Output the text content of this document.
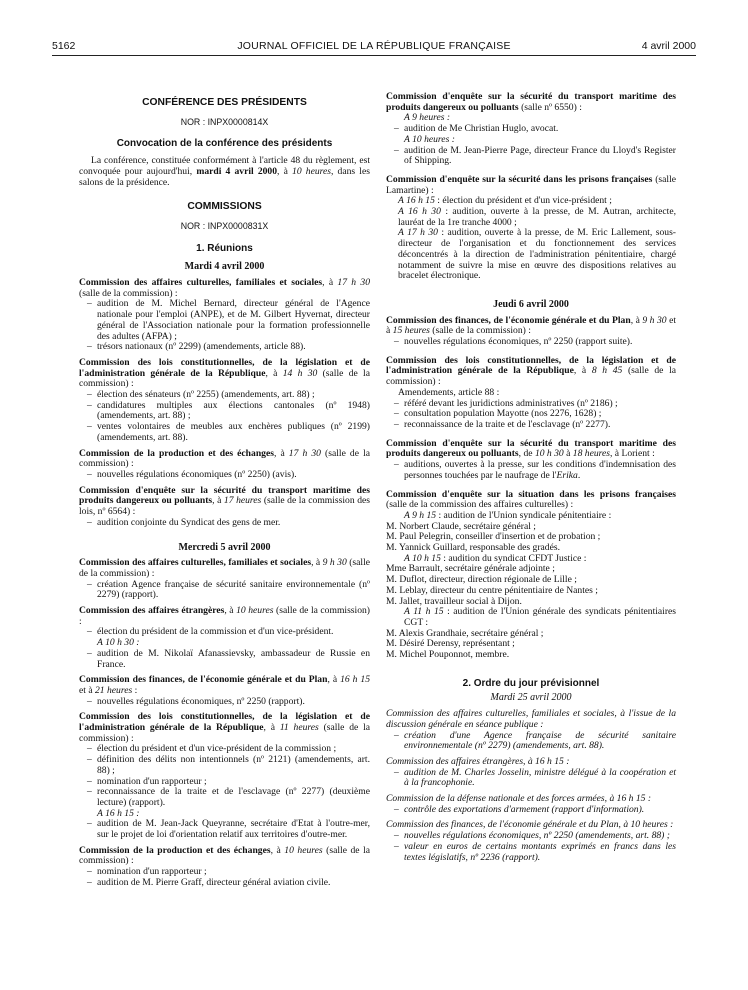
5162	JOURNAL OFFICIEL DE LA RÉPUBLIQUE FRANÇAISE	4 avril 2000
CONFÉRENCE DES PRÉSIDENTS
NOR : INPX0000814X
Convocation de la conférence des présidents
La conférence, constituée conformément à l'article 48 du règlement, est convoquée pour aujourd'hui, mardi 4 avril 2000, à 10 heures, dans les salons de la présidence.
COMMISSIONS
NOR : INPX0000831X
1. Réunions
Mardi 4 avril 2000
Commission des affaires culturelles, familiales et sociales, à 17 h 30 (salle de la commission) :
– audition de M. Michel Bernard, directeur général de l'Agence nationale pour l'emploi (ANPE), et de M. Gilbert Hyvernat, directeur général de l'Association nationale pour la formation professionnelle des adultes (AFPA) ;
– trésors nationaux (nº 2299) (amendements, article 88).
Commission des lois constitutionnelles, de la législation et de l'administration générale de la République, à 14 h 30 (salle de la commission) :
– élection des sénateurs (nº 2255) (amendements, art. 88) ;
– candidatures multiples aux élections cantonales (nº 1948) (amendements, art. 88) ;
– ventes volontaires de meubles aux enchères publiques (nº 2199) (amendements, art. 88).
Commission de la production et des échanges, à 17 h 30 (salle de la commission) :
– nouvelles régulations économiques (nº 2250) (avis).
Commission d'enquête sur la sécurité du transport maritime des produits dangereux ou polluants, à 17 heures (salle de la commission des lois, nº 6564) :
– audition conjointe du Syndicat des gens de mer.
Mercredi 5 avril 2000
Commission des affaires culturelles, familiales et sociales, à 9 h 30 (salle de la commission) :
– création Agence française de sécurité sanitaire environnementale (nº 2279) (rapport).
Commission des affaires étrangères, à 10 heures (salle de la commission) :
– élection du président de la commission et d'un vice-président.
A 10 h 30 :
– audition de M. Nikolaï Afanassievsky, ambassadeur de Russie en France.
Commission des finances, de l'économie générale et du Plan, à 16 h 15 et à 21 heures :
– nouvelles régulations économiques, nº 2250 (rapport).
Commission des lois constitutionnelles, de la législation et de l'administration générale de la République, à 11 heures (salle de la commission) :
– élection du président et d'un vice-président de la commission ;
– définition des délits non intentionnels (nº 2121) (amendements, art. 88) ;
– nomination d'un rapporteur ;
– reconnaissance de la traite et de l'esclavage (nº 2277) (deuxième lecture) (rapport).
A 16 h 15 :
– audition de M. Jean-Jack Queyranne, secrétaire d'Etat à l'outre-mer, sur le projet de loi d'orientation relatif aux territoires d'outre-mer.
Commission de la production et des échanges, à 10 heures (salle de la commission) :
– nomination d'un rapporteur ;
– audition de M. Pierre Graff, directeur général aviation civile.
Commission d'enquête sur la sécurité du transport maritime des produits dangereux ou polluants (salle nº 6550) :
A 9 heures :
– audition de Me Christian Huglo, avocat.
A 10 heures :
– audition de M. Jean-Pierre Page, directeur France du Lloyd's Register of Shipping.
Commission d'enquête sur la sécurité dans les prisons françaises (salle Lamartine) :
A 16 h 15 : élection du président et d'un vice-président ;
A 16 h 30 : audition, ouverte à la presse, de M. Autran, architecte, lauréat de la 1re tranche 4000 ;
A 17 h 30 : audition, ouverte à la presse, de M. Eric Lallement, sous-directeur de l'organisation et du fonctionnement des services déconcentrés à la direction de l'administration pénitentiaire, chargé notamment de suivre la mise en œuvre des dispositions relatives au bracelet électronique.
Jeudi 6 avril 2000
Commission des finances, de l'économie générale et du Plan, à 9 h 30 et à 15 heures (salle de la commission) :
– nouvelles régulations économiques, nº 2250 (rapport suite).
Commission des lois constitutionnelles, de la législation et de l'administration générale de la République, à 8 h 45 (salle de la commission) :
Amendements, article 88 :
– référé devant les juridictions administratives (nº 2186) ;
– consultation population Mayotte (nos 2276, 1628) ;
– reconnaissance de la traite et de l'esclavage (nº 2277).
Commission d'enquête sur la sécurité du transport maritime des produits dangereux ou polluants, de 10 h 30 à 18 heures, à Lorient :
– auditions, ouvertes à la presse, sur les conditions d'indemnisation des personnes touchées par le naufrage de l'Erika.
Commission d'enquête sur la situation dans les prisons françaises (salle de la commission des affaires culturelles) :
A 9 h 15 : audition de l'Union syndicale pénitentiaire :
M. Norbert Claude, secrétaire général ;
M. Paul Pelegrin, conseiller d'insertion et de probation ;
M. Yannick Guillard, responsable des gradés.
A 10 h 15 : audition du syndicat CFDT Justice :
Mme Barrault, secrétaire générale adjointe ;
M. Duflot, directeur, direction régionale de Lille ;
M. Leblay, directeur du centre pénitentiaire de Nantes ;
M. Jallet, travailleur social à Dijon.
A 11 h 15 : audition de l'Union générale des syndicats pénitentiaires CGT :
M. Alexis Grandhaie, secrétaire général ;
M. Désiré Derensy, représentant ;
M. Michel Pouponnot, membre.
2. Ordre du jour prévisionnel
Mardi 25 avril 2000
Commission des affaires culturelles, familiales et sociales, à l'issue de la discussion générale en séance publique :
– création d'une Agence française de sécurité sanitaire environnementale (nº 2279) (amendements, art. 88).
Commission des affaires étrangères, à 16 h 15 :
– audition de M. Charles Josselin, ministre délégué à la coopération et à la francophonie.
Commission de la défense nationale et des forces armées, à 16 h 15 :
– contrôle des exportations d'armement (rapport d'information).
Commission des finances, de l'économie générale et du Plan, à 10 heures :
– nouvelles régulations économiques, nº 2250 (amendements, art. 88) ;
– valeur en euros de certains montants exprimés en francs dans les textes législatifs, nº 2236 (rapport).
